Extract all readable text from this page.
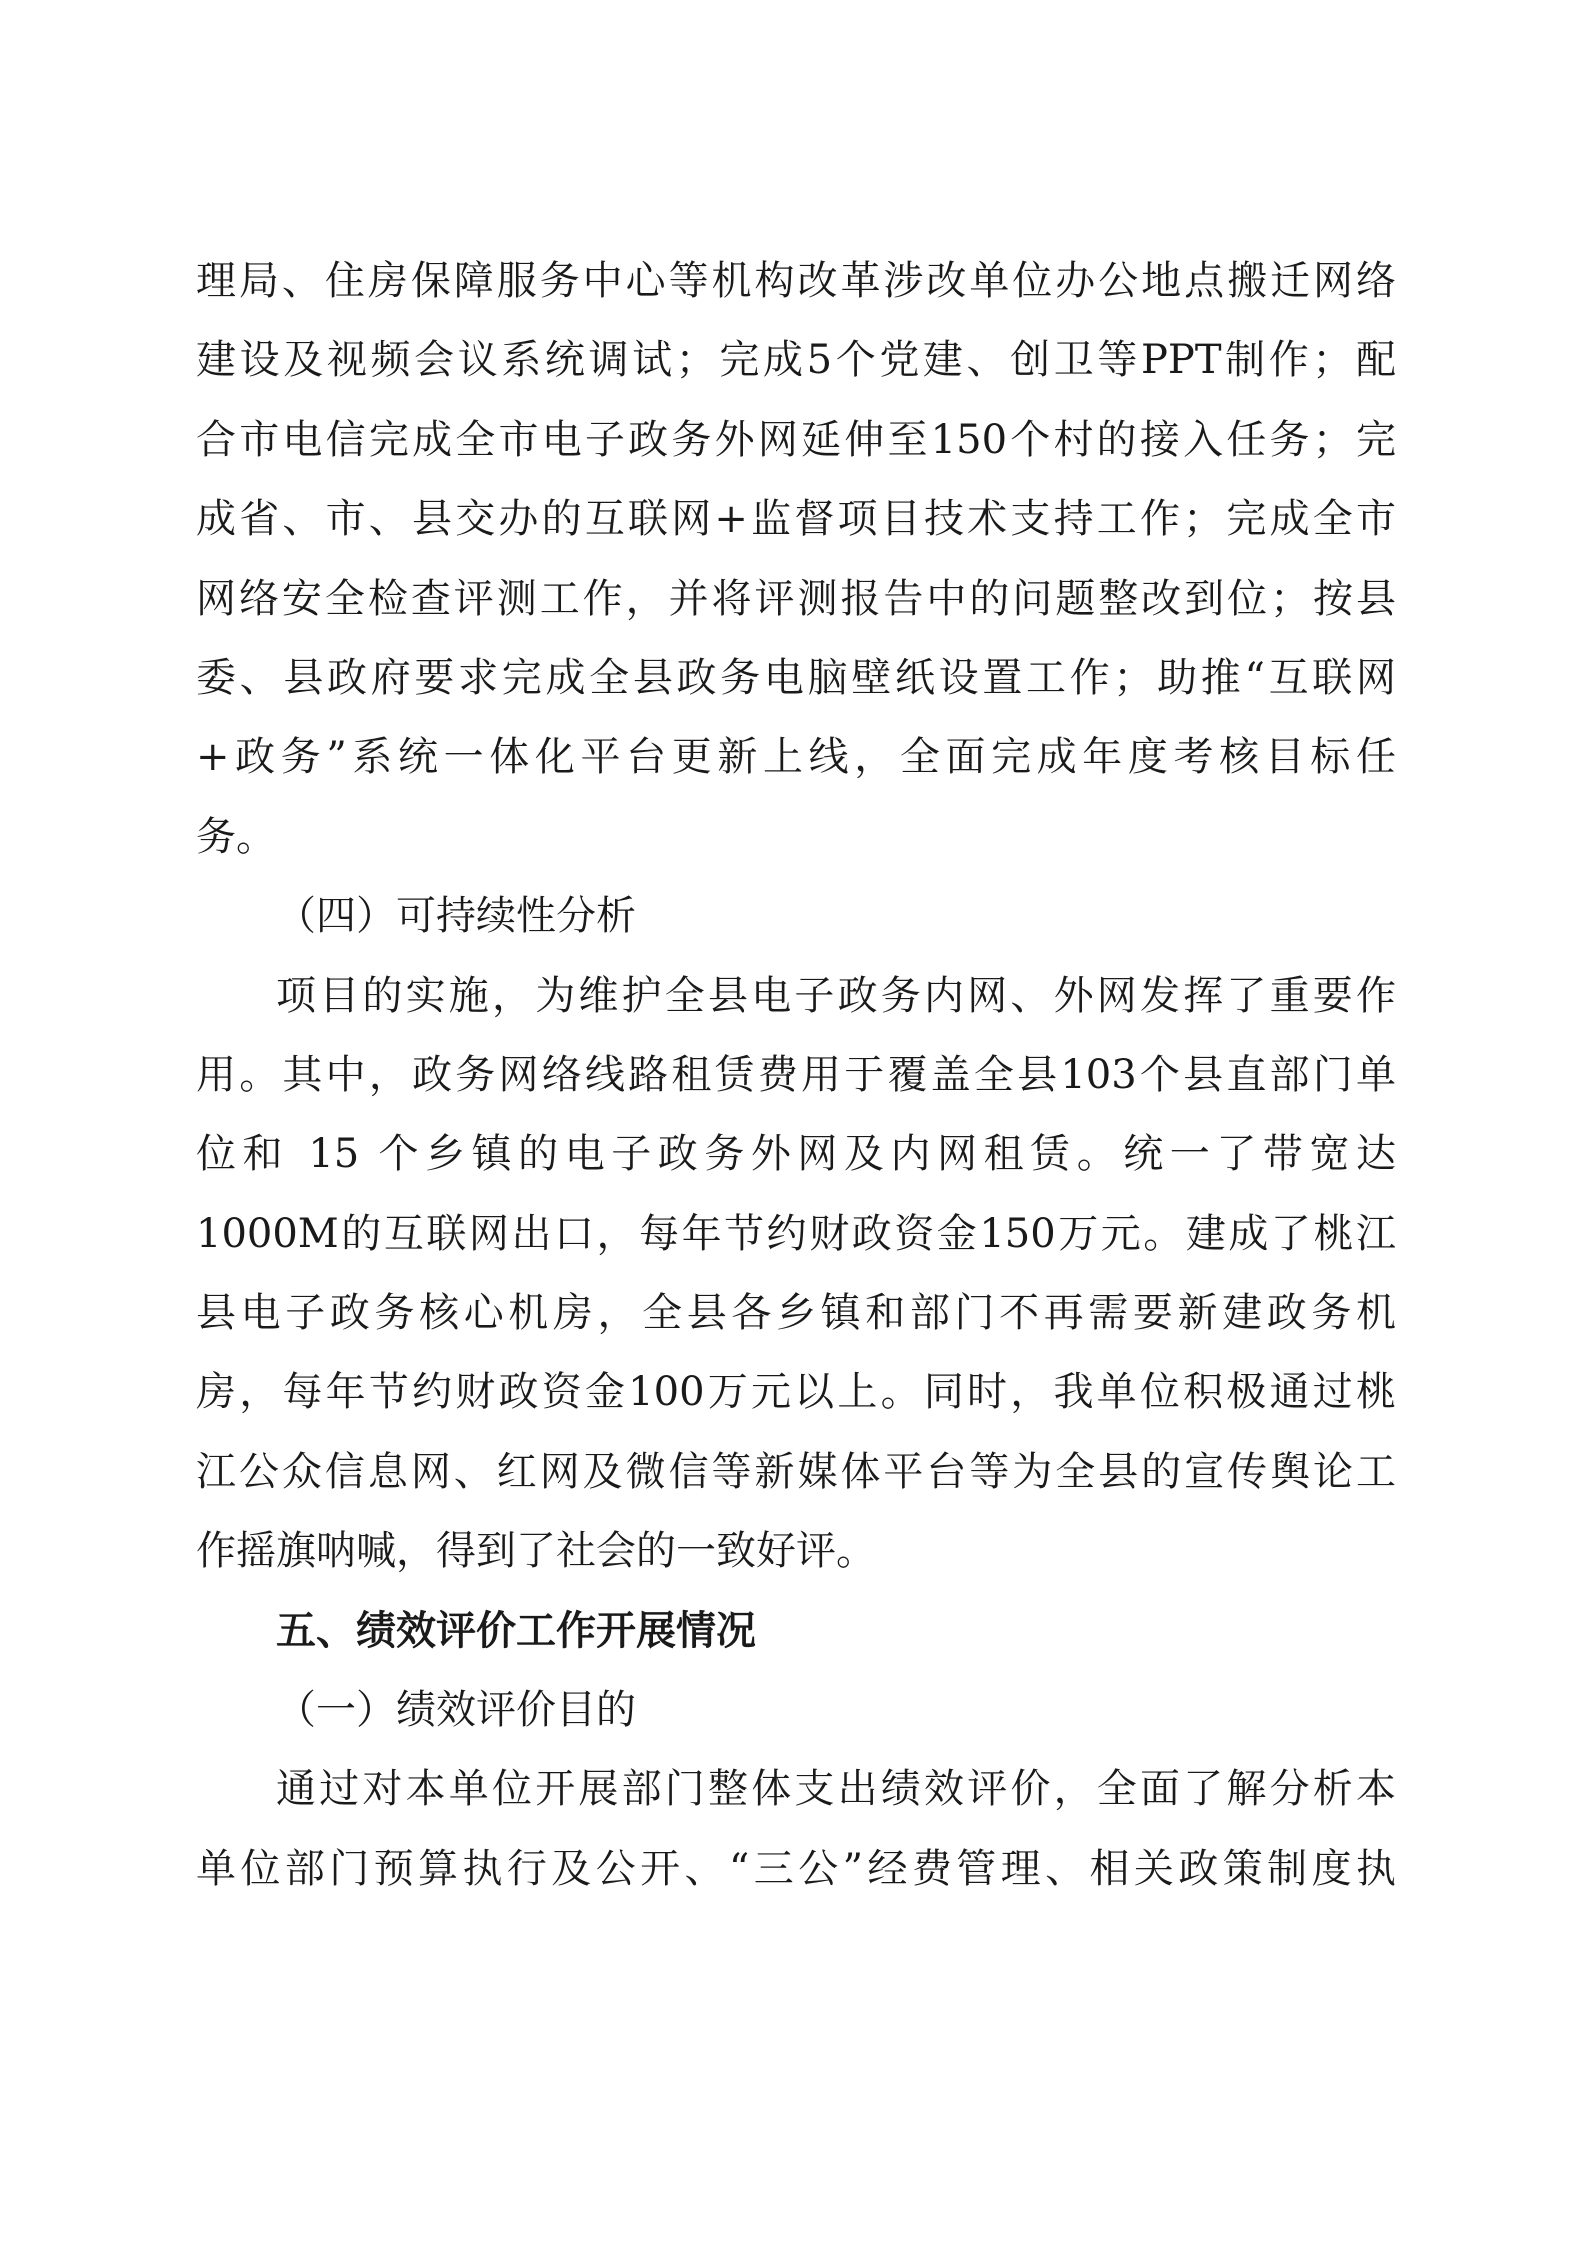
理局、住房保障服务中心等机构改革涉改单位办公地点搬迁网络
建设及视频会议系统调试；完成5个党建、创卫等PPT制作；配
合市电信完成全市电子政务外网延伸至150个村的接入任务；完
成省、市、县交办的互联网+监督项目技术支持工作；完成全市
网络安全检查评测工作，并将评测报告中的问题整改到位；按县
委、县政府要求完成全县政务电脑壁纸设置工作；助推“互联网
+政务”系统一体化平台更新上线，全面完成年度考核目标任
务。
（四）可持续性分析
项目的实施，为维护全县电子政务内网、外网发挥了重要作
用。其中，政务网络线路租赁费用于覆盖全县103个县直部门单
位和 15 个乡镇的电子政务外网及内网租赁。统一了带宽达
1000M的互联网出口，每年节约财政资金150万元。建成了桃江
县电子政务核心机房，全县各乡镇和部门不再需要新建政务机
房，每年节约财政资金100万元以上。同时，我单位积极通过桃
江公众信息网、红网及微信等新媒体平台等为全县的宣传舆论工
作摇旗呐喊，得到了社会的一致好评。
五、绩效评价工作开展情况
（一）绩效评价目的
通过对本单位开展部门整体支出绩效评价，全面了解分析本
单位部门预算执行及公开、“三公”经费管理、相关政策制度执
